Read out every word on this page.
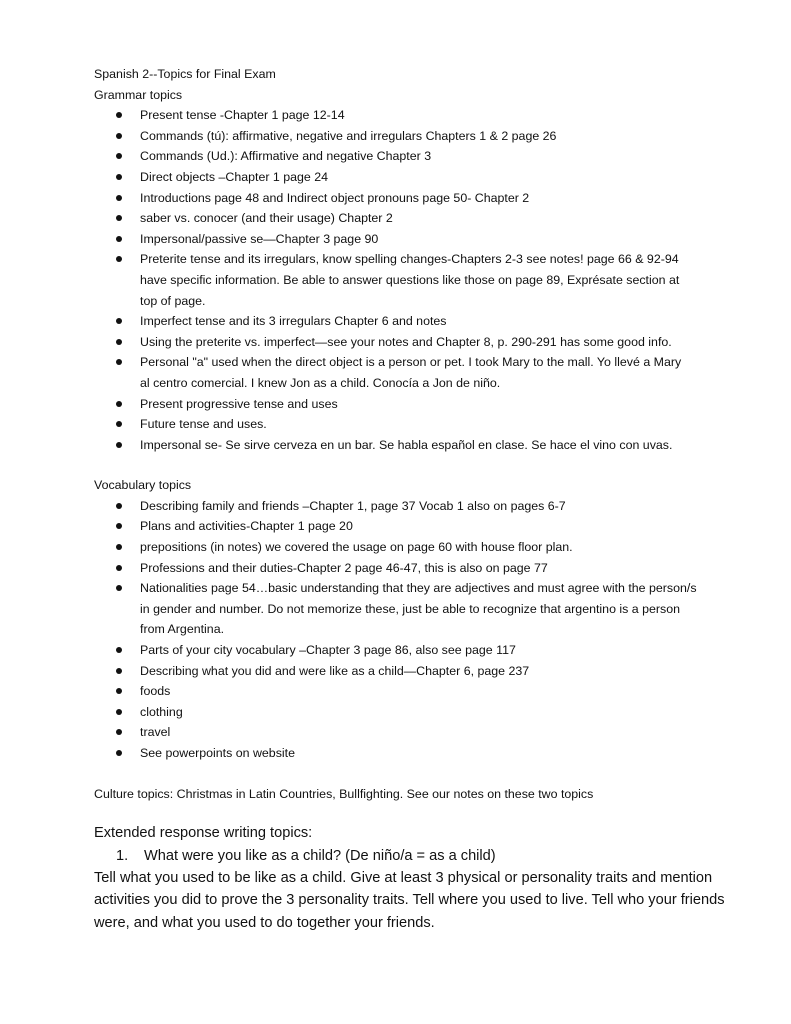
Spanish 2--Topics for Final Exam
Grammar topics
Present tense -Chapter 1 page 12-14
Commands (tú): affirmative, negative and irregulars Chapters 1 & 2 page 26
Commands (Ud.): Affirmative and negative Chapter 3
Direct objects –Chapter 1 page 24
Introductions page 48 and Indirect object pronouns page 50- Chapter 2
saber vs. conocer (and their usage) Chapter 2
Impersonal/passive se—Chapter 3 page 90
Preterite tense and its irregulars, know spelling changes-Chapters 2-3 see notes! page 66 & 92-94
have specific information. Be able to answer questions like those on page 89, Exprésate section at
top of page.
Imperfect tense and its 3 irregulars Chapter 6 and notes
Using the preterite vs. imperfect—see your notes and Chapter 8, p. 290-291 has some good info.
Personal "a" used when the direct object is a person or pet. I took Mary to the mall. Yo llevé a Mary
al centro comercial. I knew Jon as a child. Conocía a Jon de niño.
Present progressive tense and uses
Future tense and uses.
Impersonal se- Se sirve cerveza en un bar. Se habla español en clase. Se hace el vino con uvas.
Vocabulary topics
Describing family and friends –Chapter 1, page 37 Vocab 1 also on pages 6-7
Plans and activities-Chapter 1 page 20
prepositions (in notes) we covered the usage on page 60 with house floor plan.
Professions and their duties-Chapter 2 page 46-47, this is also on page 77
Nationalities page 54…basic understanding that they are adjectives and must agree with the person/s
in gender and number. Do not memorize these, just be able to recognize that argentino is a person
from Argentina.
Parts of your city vocabulary –Chapter 3 page 86, also see page 117
Describing what you did and were like as a child—Chapter 6, page 237
foods
clothing
travel
See powerpoints on website
Culture topics: Christmas in Latin Countries, Bullfighting. See our notes on these two topics
Extended response writing topics:
1. What were you like as a child? (De niño/a = as a child)
Tell what you used to be like as a child. Give at least 3 physical or personality traits and mention
activities you did to prove the 3 personality traits. Tell where you used to live. Tell who your friends
were, and what you used to do together your friends.
